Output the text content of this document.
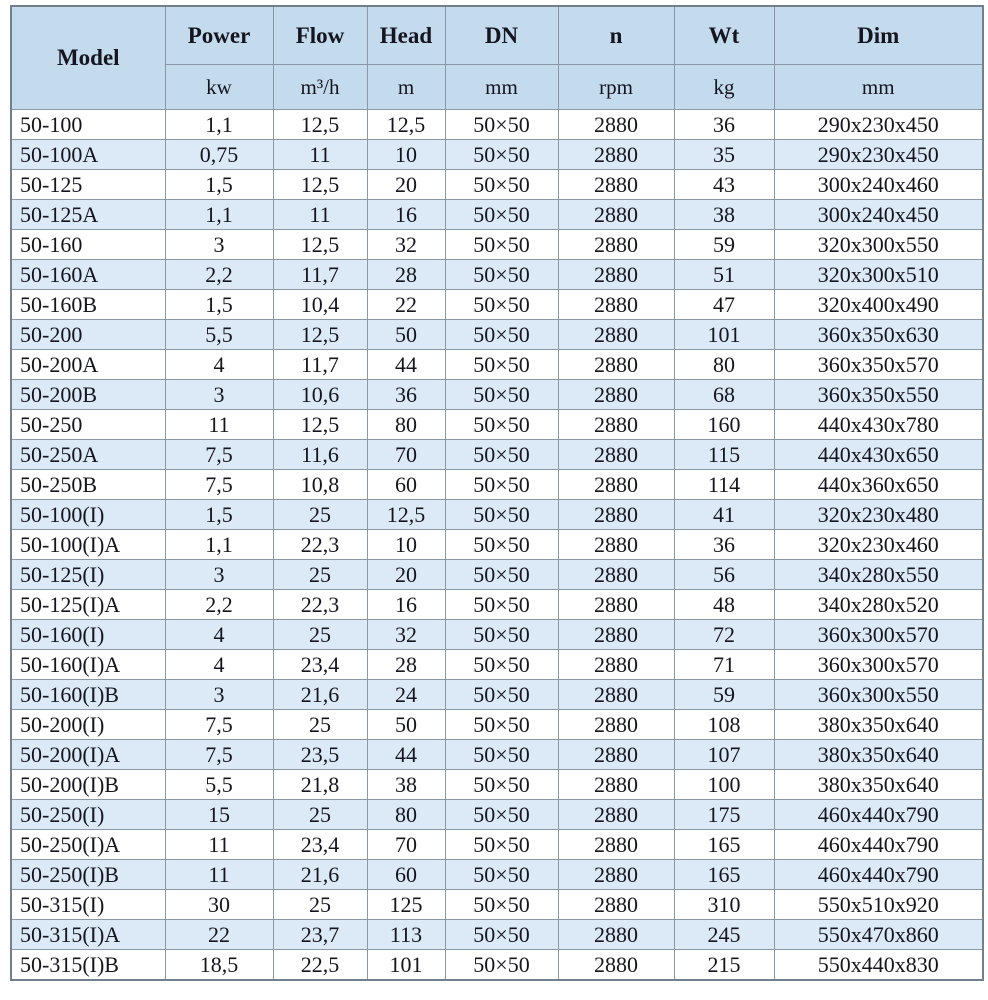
Model	Power	Flow	Head	DN	n	Wt	Dim
	kw	m³/h	m	mm	rpm	kg	mm
50-100	1,1	12,5	12,5	50×50	2880	36	290x230x450
50-100A	0,75	11	10	50×50	2880	35	290x230x450
50-125	1,5	12,5	20	50×50	2880	43	300x240x460
50-125A	1,1	11	16	50×50	2880	38	300x240x450
50-160	3	12,5	32	50×50	2880	59	320x300x550
50-160A	2,2	11,7	28	50×50	2880	51	320x300x510
50-160B	1,5	10,4	22	50×50	2880	47	320x400x490
50-200	5,5	12,5	50	50×50	2880	101	360x350x630
50-200A	4	11,7	44	50×50	2880	80	360x350x570
50-200B	3	10,6	36	50×50	2880	68	360x350x550
50-250	11	12,5	80	50×50	2880	160	440x430x780
50-250A	7,5	11,6	70	50×50	2880	115	440x430x650
50-250B	7,5	10,8	60	50×50	2880	114	440x360x650
50-100(I)	1,5	25	12,5	50×50	2880	41	320x230x480
50-100(I)A	1,1	22,3	10	50×50	2880	36	320x230x460
50-125(I)	3	25	20	50×50	2880	56	340x280x550
50-125(I)A	2,2	22,3	16	50×50	2880	48	340x280x520
50-160(I)	4	25	32	50×50	2880	72	360x300x570
50-160(I)A	4	23,4	28	50×50	2880	71	360x300x570
50-160(I)B	3	21,6	24	50×50	2880	59	360x300x550
50-200(I)	7,5	25	50	50×50	2880	108	380x350x640
50-200(I)A	7,5	23,5	44	50×50	2880	107	380x350x640
50-200(I)B	5,5	21,8	38	50×50	2880	100	380x350x640
50-250(I)	15	25	80	50×50	2880	175	460x440x790
50-250(I)A	11	23,4	70	50×50	2880	165	460x440x790
50-250(I)B	11	21,6	60	50×50	2880	165	460x440x790
50-315(I)	30	25	125	50×50	2880	310	550x510x920
50-315(I)A	22	23,7	113	50×50	2880	245	550x470x860
50-315(I)B	18,5	22,5	101	50×50	2880	215	550x440x830
